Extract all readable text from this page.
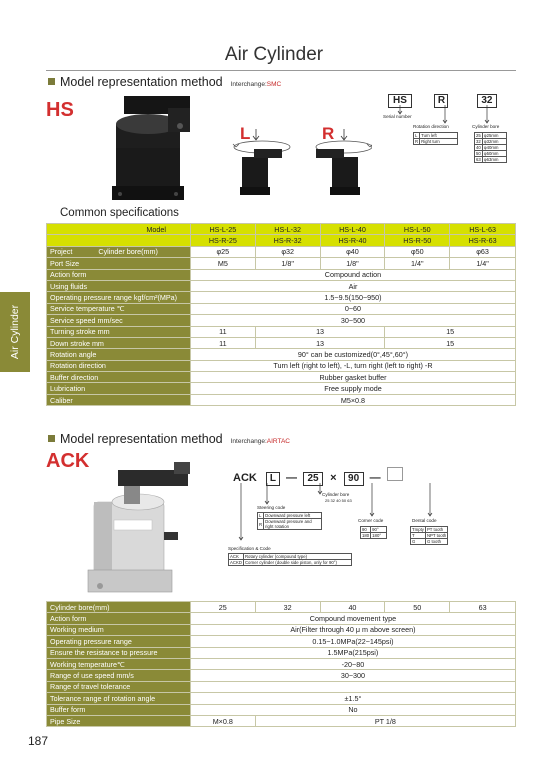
Air Cylinder
Air Cylinder
Model representation method Interchange:SMC
HS
L	R
HS	R	32
Serial number
Rotation direction
L	Turn left
R	Right turn
Cylinder bore
25	φ25mm
32	φ32mm
40	φ40mm
50	φ50mm
63	φ63mm
Common specifications
Model	HS-L-25	HS-L-32	HS-L-40	HS-L-50	HS-L-63
	HS-R-25	HS-R-32	HS-R-40	HS-R-50	HS-R-63
Project Cylinder bore(mm)	φ25	φ32	φ40	φ50	φ63
Port Size	M5	1/8"	1/8"	1/4"	1/4"
Action form	Compound action				
Using fluids	Air				
Operating pressure range kgf/cm²(MPa)	1.5~9.5(150~950)				
Service temperature ℃	0~60				
Service speed mm/sec	30~500				
Turning stroke mm	11	13		15	
Down stroke mm	11	13		15	
Rotation angle	90° can be customized(0°,45°,60°)				
Rotation direction	Turn left (right to left), -L, turn right (left to right) -R				
Buffer direction	Rubber gasket buffer				
Lubrication	Free supply mode				
Caliber	M5×0.8				
Model representation method Interchange:AIRTAC
ACK
ACK L — 25 × 90 —
Cylinder bore
25 32 40 50 63
Steering code
L	Downward pressure left
R	Downward pressure and right rotation
Corner code
90	90°
180	180°
Dental code
Tmpty	PT tooth
T	NPT tooth
G	G tooth
Specification & Code
ACK	Rotary cylinder (compound type)
ACKD	Corner cylinder (double side piston, only for 90°)
Cylinder bore(mm)	25	32	40	50	63
Action form	Compound movement type				
Working medium	Air(Filter through 40 μ m above screen)				
Operating pressure range	0.15~1.0MPa(22~145psi)				
Ensure the resistance to pressure	1.5MPa(215psi)				
Working temperature℃	-20~80				
Range of use speed mm/s	30~300				
Range of travel tolerance					
Tolerance range of rotation angle	±1.5°				
Buffer form	No				
Pipe Size	M×0.8	PT 1/8			
187
